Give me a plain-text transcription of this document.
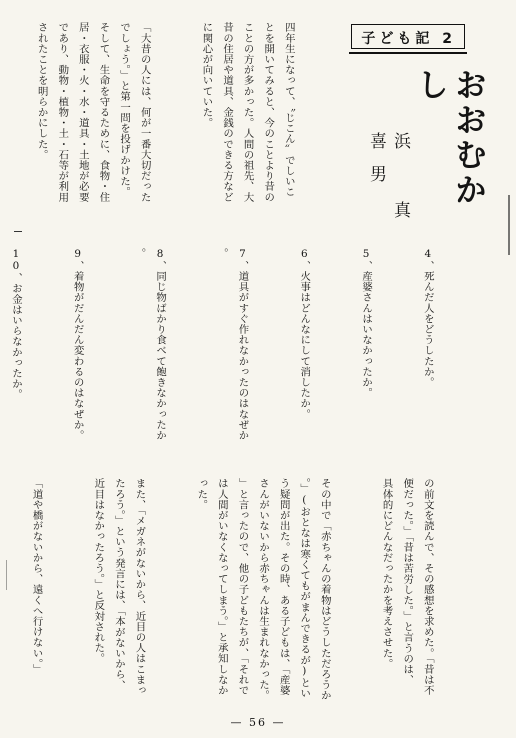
子ども記 2
おおむかし
浜 真喜男

四年生になって、〝じこん〟でしいこ
とを開いてみると、今のことより昔の
ことの方が多かった。人間の祖先、大
昔の住居や道具、金銭のできる方など
に関心が向いていた。

「大昔の人には、何が一番大切だった
でしょう。」と第一問を投げかけた。
そして、生命を守るために、食物・住
居・衣服・火・水・道具・土地が必要
であり、動物・植物・土・石等が利用
されたことを明らかにした。

4、死んだ人をどうしたか。

5、産婆さんはいなかったか。

6、火事はどんなにして消したか。

7、道具がすぐ作れなかったのはなぜか
。

8、同じ物ばかり食べて飽きなかったか
。

9、着物がだんだん変わるのはなぜか。

10、お金はいらなかったか。

の前文を読んで、その感想を求めた。「昔は不
便だった。」「昔は苦労した。」と言うのは、
具体的にどんなだったかを考えさせた。

その中で「赤ちゃんの着物はどうしただろうか
。」(おとなは寒くてもがまんできるが)とい
う疑問が出た。その時、ある子どもは、「産婆
さんがいないから赤ちゃんは生まれなかった。
」と言ったので、他の子どもたちが、「それで
は人間がいなくなってしまう。」と承知しなか
った。

また、「メガネがないから、近目の人はこまっ
たろう。」という発言には、「本がないから、
近目はなかったろう。」と反対された。

「道や橋がないから、遠くへ行けない。」

— 56 —
